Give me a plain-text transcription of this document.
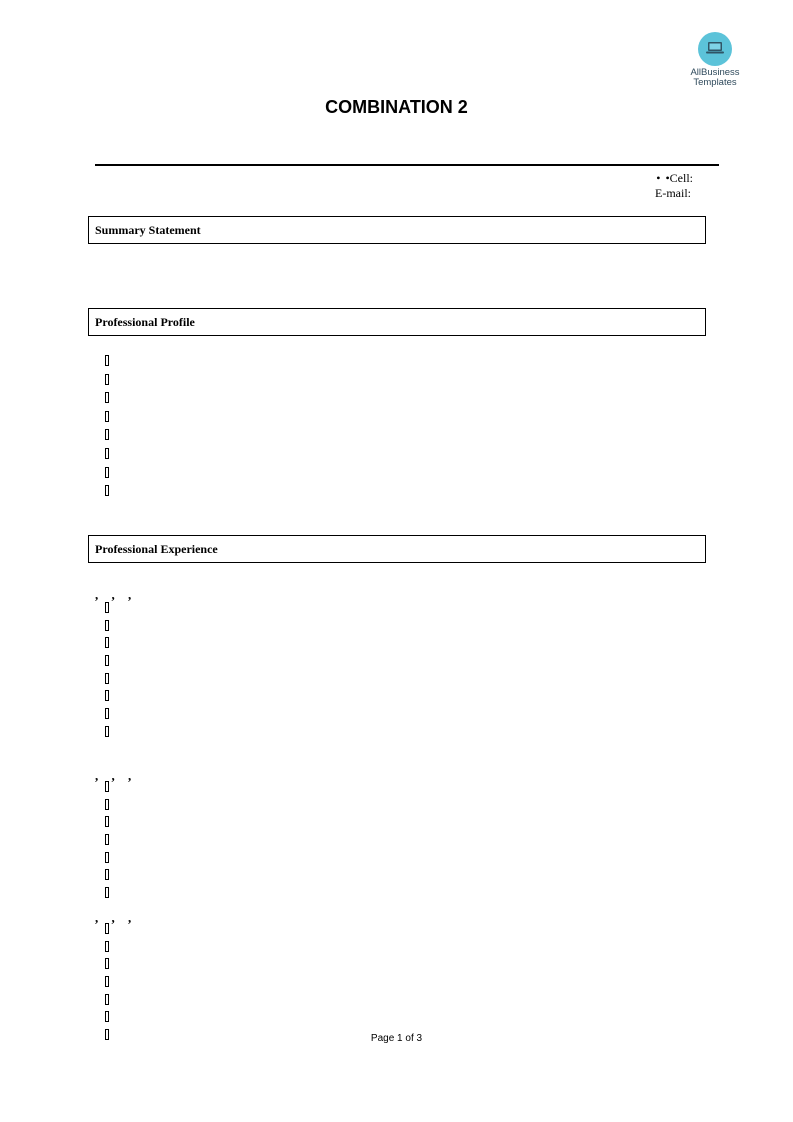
AllBusiness
Templates
COMBINATION 2
• •Cell:
E-mail:
Summary Statement
Professional Profile
Professional Experience
, , ,
, , ,
, , ,
Page 1 of 3
